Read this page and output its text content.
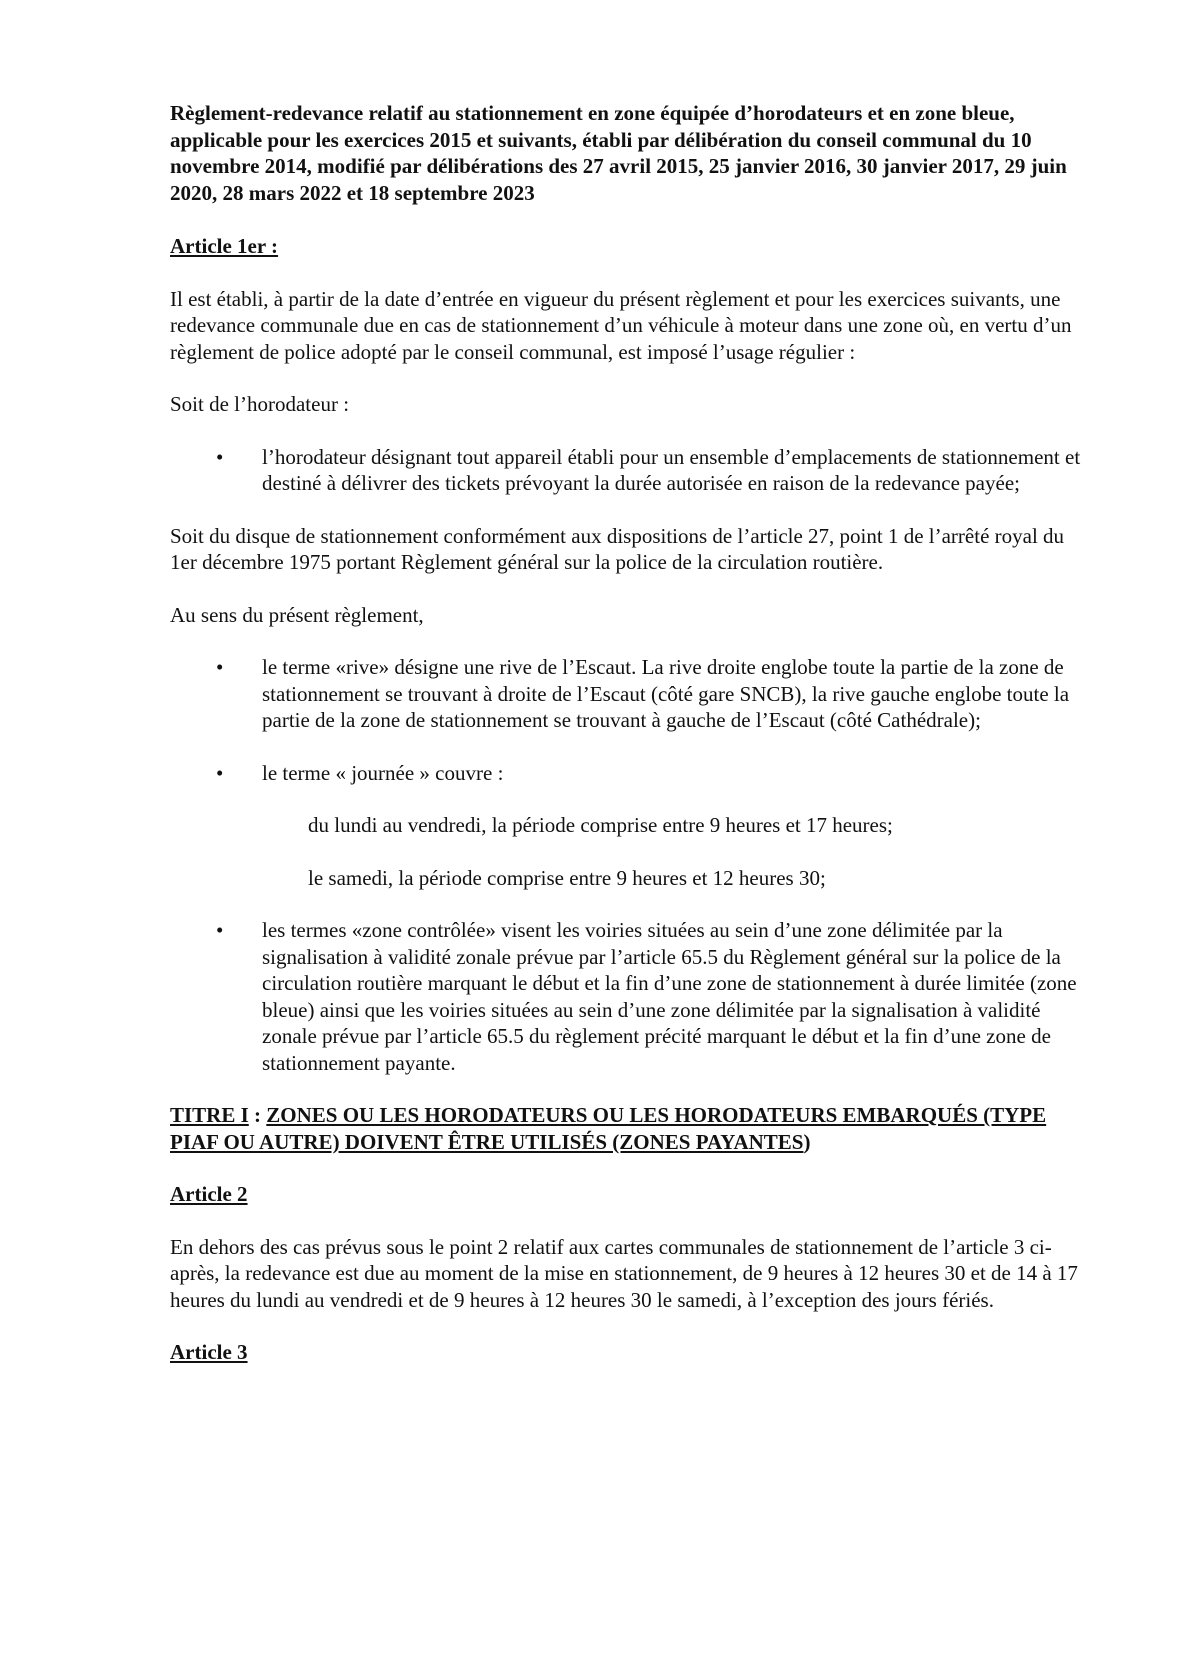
Règlement-redevance relatif au stationnement en zone équipée d’horodateurs et en zone bleue, applicable pour les exercices 2015 et suivants, établi par délibération du conseil communal du 10 novembre 2014, modifié par délibérations des 27 avril 2015, 25 janvier 2016, 30 janvier 2017, 29 juin 2020, 28 mars 2022 et 18 septembre 2023

Article 1er :

Il est établi, à partir de la date d’entrée en vigueur du présent règlement et pour les exercices suivants, une redevance communale due en cas de stationnement d’un véhicule à moteur dans une zone où, en vertu d’un règlement de police adopté par le conseil communal, est imposé l’usage régulier :

Soit de l’horodateur :

• l’horodateur désignant tout appareil établi pour un ensemble d’emplacements de stationnement et destiné à délivrer des tickets prévoyant la durée autorisée en raison de la redevance payée;

Soit du disque de stationnement conformément aux dispositions de l’article 27, point 1 de l’arrêté royal du 1er décembre 1975 portant Règlement général sur la police de la circulation routière.

Au sens du présent règlement,

• le terme «rive» désigne une rive de l’Escaut. La rive droite englobe toute la partie de la zone de stationnement se trouvant à droite de l’Escaut (côté gare SNCB), la rive gauche englobe toute la partie de la zone de stationnement se trouvant à gauche de l’Escaut (côté Cathédrale);
• le terme « journée » couvre :

du lundi au vendredi, la période comprise entre 9 heures et 17 heures;

le samedi, la période comprise entre 9 heures et 12 heures 30;

• les termes «zone contrôlée» visent les voiries situées au sein d’une zone délimitée par la signalisation à validité zonale prévue par l’article 65.5 du Règlement général sur la police de la circulation routière marquant le début et la fin d’une zone de stationnement à durée limitée (zone bleue) ainsi que les voiries situées au sein d’une zone délimitée par la signalisation à validité zonale prévue par l’article 65.5 du règlement précité marquant le début et la fin d’une zone de stationnement payante.

TITRE I : ZONES OU LES HORODATEURS OU LES HORODATEURS EMBARQUÉS (TYPE PIAF OU AUTRE) DOIVENT ÊTRE UTILISÉS (ZONES PAYANTES)

Article 2

En dehors des cas prévus sous le point 2 relatif aux cartes communales de stationnement de l’article 3 ci-après, la redevance est due au moment de la mise en stationnement, de 9 heures à 12 heures 30 et de 14 à 17 heures du lundi au vendredi et de 9 heures à 12 heures 30 le samedi, à l’exception des jours fériés.

Article 3
